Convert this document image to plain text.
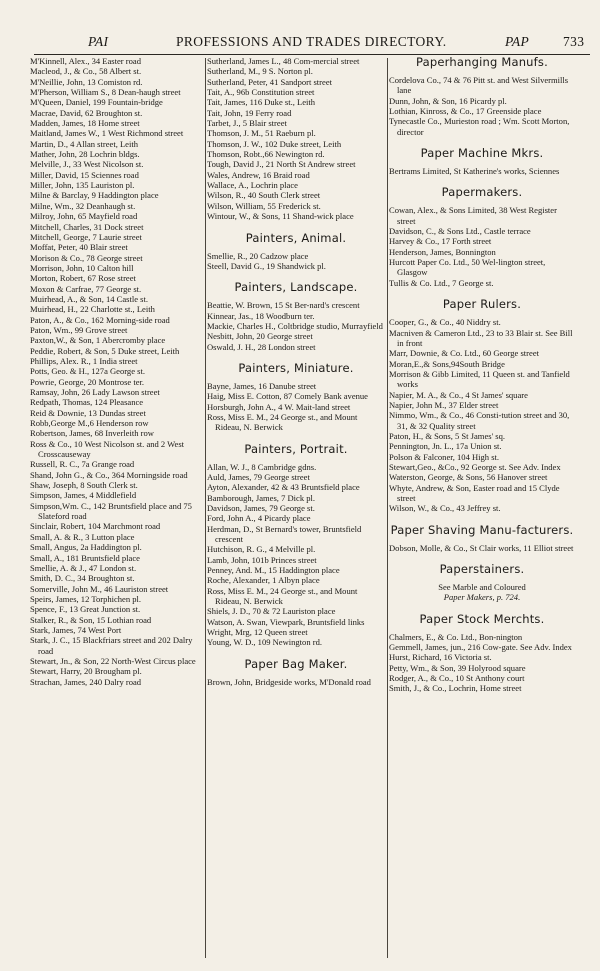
PAI	PROFESSIONS AND TRADES DIRECTORY.	PAP	733

M'Kinnell, Alex., 34 Easter road

Macleod, J., & Co., 58 Albert st.

M'Neillie, John, 13 Comiston rd.

M'Pherson, William S., 8 Dean-haugh street

M'Queen, Daniel, 199 Fountain-bridge

Macrae, David, 62 Broughton st.

Madden, James, 18 Home street

Maitland, James W., 1 West Richmond street

Martin, D., 4 Allan street, Leith

Mather, John, 28 Lochrin bldgs.

Melville, J., 33 West Nicolson st.

Miller, David, 15 Sciennes road

Miller, John, 135 Lauriston pl.

Milne & Barclay, 9 Haddington place

Milne, Wm., 32 Deanhaugh st.

Milroy, John, 65 Mayfield road

Mitchell, Charles, 31 Dock street

Mitchell, George, 7 Laurie street

Moffat, Peter, 40 Blair street

Morison & Co., 78 George street

Morrison, John, 10 Calton hill

Morton, Robert, 67 Rose street

Moxon & Carfrae, 77 George st.

Muirhead, A., & Son, 14 Castle st.

Muirhead, H., 22 Charlotte st., Leith

Paton, A., & Co., 162 Morning-side road

Paton, Wm., 99 Grove street

Paxton,W., & Son, 1 Abercromby place

Peddie, Robert, & Son, 5 Duke street, Leith

Phillips, Alex. R., 1 India street

Potts, Geo. & H., 127a George st.

Powrie, George, 20 Montrose ter.

Ramsay, John, 26 Lady Lawson street

Redpath, Thomas, 124 Pleasance

Reid & Downie, 13 Dundas street

Robb,George M.,6 Henderson row

Robertson, James, 68 Inverleith row

Ross & Co., 10 West Nicolson st. and 2 West Crosscauseway

Russell, R. C., 7a Grange road

Shand, John G., & Co., 364 Morningside road

Shaw, Joseph, 8 South Clerk st.

Simpson, James, 4 Middlefield

Simpson,Wm. C., 142 Bruntsfield place and 75 Slateford road

Sinclair, Robert, 104 Marchmont road

Small, A. & R., 3 Lutton place

Small, Angus, 2a Haddington pl.

Small, A., 181 Bruntsfield place

Smellie, A. & J., 47 London st.

Smith, D. C., 34 Broughton st.

Somerville, John M., 46 Lauriston street

Speirs, James, 12 Torphichen pl.

Spence, F., 13 Great Junction st.

Stalker, R., & Son, 15 Lothian road

Stark, James, 74 West Port

Stark, J. C., 15 Blackfriars street and 202 Dalry road

Stewart, Jn., & Son, 22 North-West Circus place

Stewart, Harry, 20 Brougham pl.

Strachan, James, 240 Dalry road

Sutherland, James L., 48 Com-mercial street

Sutherland, M., 9 S. Norton pl.

Sutherland, Peter, 41 Sandport street

Tait, A., 96b Constitution street

Tait, James, 116 Duke st., Leith

Tait, John, 19 Ferry road

Tarbet, J., 5 Blair street

Thomson, J. M., 51 Raeburn pl.

Thomson, J. W., 102 Duke street, Leith

Thomson, Robt.,66 Newington rd.

Tough, David J., 21 North St Andrew street

Wales, Andrew, 16 Braid road

Wallace, A., Lochrin place

Wilson, R., 40 South Clerk street

Wilson, William, 55 Frederick st.

Wintour, W., & Sons, 11 Shand-wick place

Painters, Animal.

Smellie, R., 20 Cadzow place

Steell, David G., 19 Shandwick pl.

Painters, Landscape.

Beattie, W. Brown, 15 St Ber-nard's crescent

Kinnear, Jas., 18 Woodburn ter.

Mackie, Charles H., Coltbridge studio, Murrayfield

Nesbitt, John, 20 George street

Oswald, J. H., 28 London street

Painters, Miniature.

Bayne, James, 16 Danube street

Haig, Miss E. Cotton, 87 Comely Bank avenue

Horsburgh, John A., 4 W. Mait-land street

Ross, Miss E. M., 24 George st., and Mount Rideau, N. Berwick

Painters, Portrait.

Allan, W. J., 8 Cambridge gdns.

Auld, James, 79 George street

Ayton, Alexander, 42 & 43 Bruntsfield place

Bamborough, James, 7 Dick pl.

Davidson, James, 79 George st.

Ford, John A., 4 Picardy place

Herdman, D., St Bernard's tower, Bruntsfield crescent

Hutchison, R. G., 4 Melville pl.

Lamb, John, 101b Princes street

Penney, And. M., 15 Haddington place

Roche, Alexander, 1 Albyn place

Ross, Miss E. M., 24 George st., and Mount Rideau, N. Berwick

Shiels, J. D., 70 & 72 Lauriston place

Watson, A. Swan, Viewpark, Bruntsfield links

Wright, Mrg, 12 Queen street

Young, W. D., 109 Newington rd.

Paper Bag Maker.

Brown, John, Bridgeside works, M'Donald road

Paperhanging Manufs.

Cordelova Co., 74 & 76 Pitt st. and West Silvermills lane

Dunn, John, & Son, 16 Picardy pl.

Lothian, Kinross, & Co., 17 Greenside place

Tynecastle Co., Murieston road ; Wm. Scott Morton, director

Paper Machine Mkrs.

Bertrams Limited, St Katherine's works, Sciennes

Papermakers.

Cowan, Alex., & Sons Limited, 38 West Register street

Davidson, C., & Sons Ltd., Castle terrace

Harvey & Co., 17 Forth street

Henderson, James, Bonnington

Hurcott Paper Co. Ltd., 50 Wel-lington street, Glasgow

Tullis & Co. Ltd., 7 George st.

Paper Rulers.

Cooper, G., & Co., 40 Niddry st.

Macniven & Cameron Ltd., 23 to 33 Blair st. See Bill in front

Marr, Downie, & Co. Ltd., 60 George street

Moran,E.,& Sons,94South Bridge

Morrison & Gibb Limited, 11 Queen st. and Tanfield works

Napier, M. A., & Co., 4 St James' square

Napier, John M., 37 Elder street

Nimmo, Wm., & Co., 46 Consti-tution street and 30, 31, & 32 Quality street

Paton, H., & Sons, 5 St James' sq.

Pennington, Jn. L., 17a Union st.

Polson & Falconer, 104 High st.

Stewart,Geo., &Co., 92 George st. See Adv. Index

Waterston, George, & Sons, 56 Hanover street

Whyte, Andrew, & Son, Easter road and 15 Clyde street

Wilson, W., & Co., 43 Jeffrey st.

Paper Shaving Manu-facturers.

Dobson, Molle, & Co., St Clair works, 11 Elliot street

Paperstainers.

See Marble and Coloured

Paper Makers, p. 724.

Paper Stock Merchts.

Chalmers, E., & Co. Ltd., Bon-nington

Gemmell, James, jun., 216 Cow-gate. See Adv. Index

Hurst, Richard, 16 Victoria st.

Petty, Wm., & Son, 39 Holyrood square

Rodger, A., & Co., 10 St Anthony court

Smith, J., & Co., Lochrin, Home street
